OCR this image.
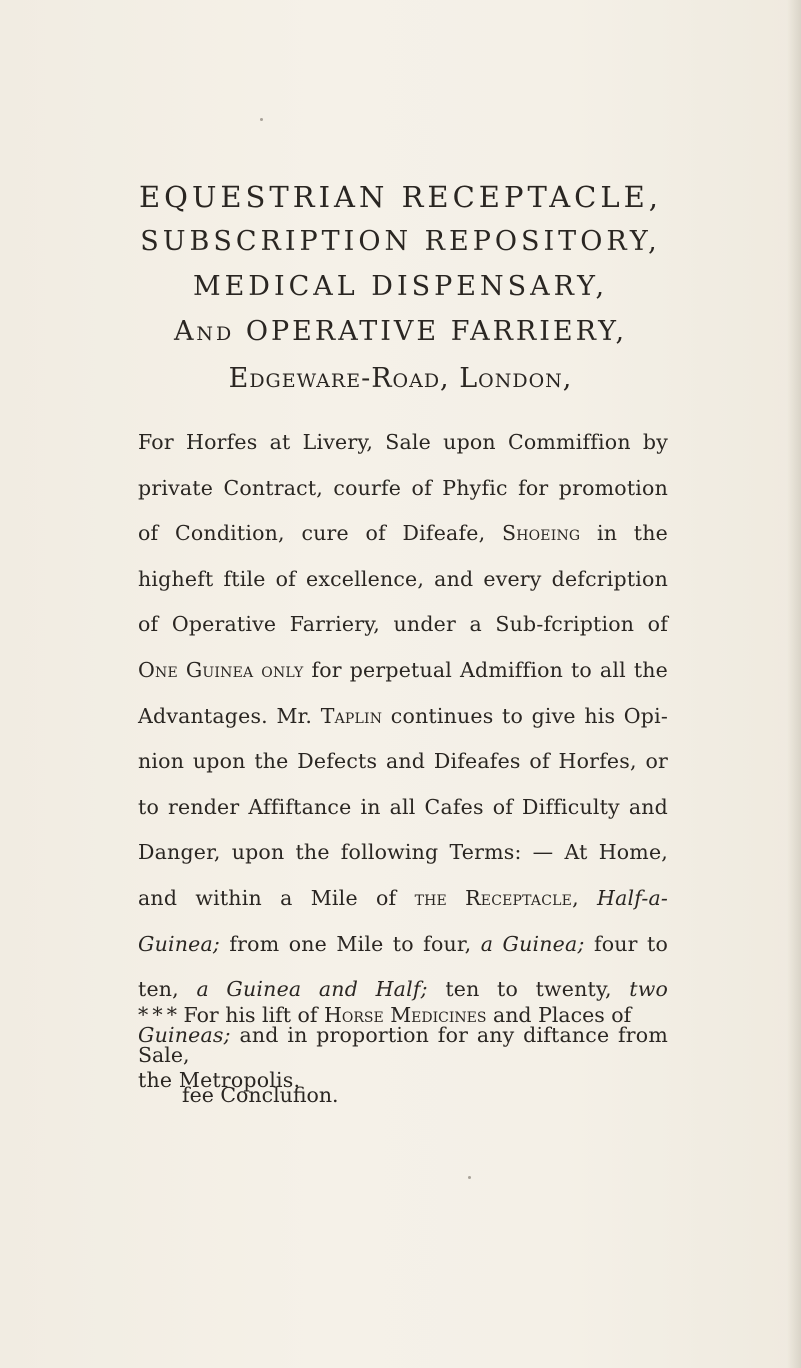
EQUESTRIAN RECEPTACLE,
SUBSCRIPTION REPOSITORY,
MEDICAL DISPENSARY,
And OPERATIVE FARRIERY,
Edgeware-Road, London,
For Horfes at Livery, Sale upon Commiffion by private Contract, courfe of Phyfic for promotion of Condition, cure of Difeafe, Shoeing in the higheft ftile of excellence, and every defcription of Operative Farriery, under a Sub-fcription of One Guinea only for perpetual Admiffion to all the Advantages. Mr. Taplin continues to give his Opi-nion upon the Defects and Difeafes of Horfes, or to render Affiftance in all Cafes of Difficulty and Danger, upon the following Terms: — At Home, and within a Mile of the Receptacle, Half-a-Guinea; from one Mile to four, a Guinea; four to ten, a Guinea and Half; ten to twenty, two Guineas; and in proportion for any diftance from the Metropolis.
* * * For his lift of Horse Medicines and Places of Sale,
fee Conclufion.
